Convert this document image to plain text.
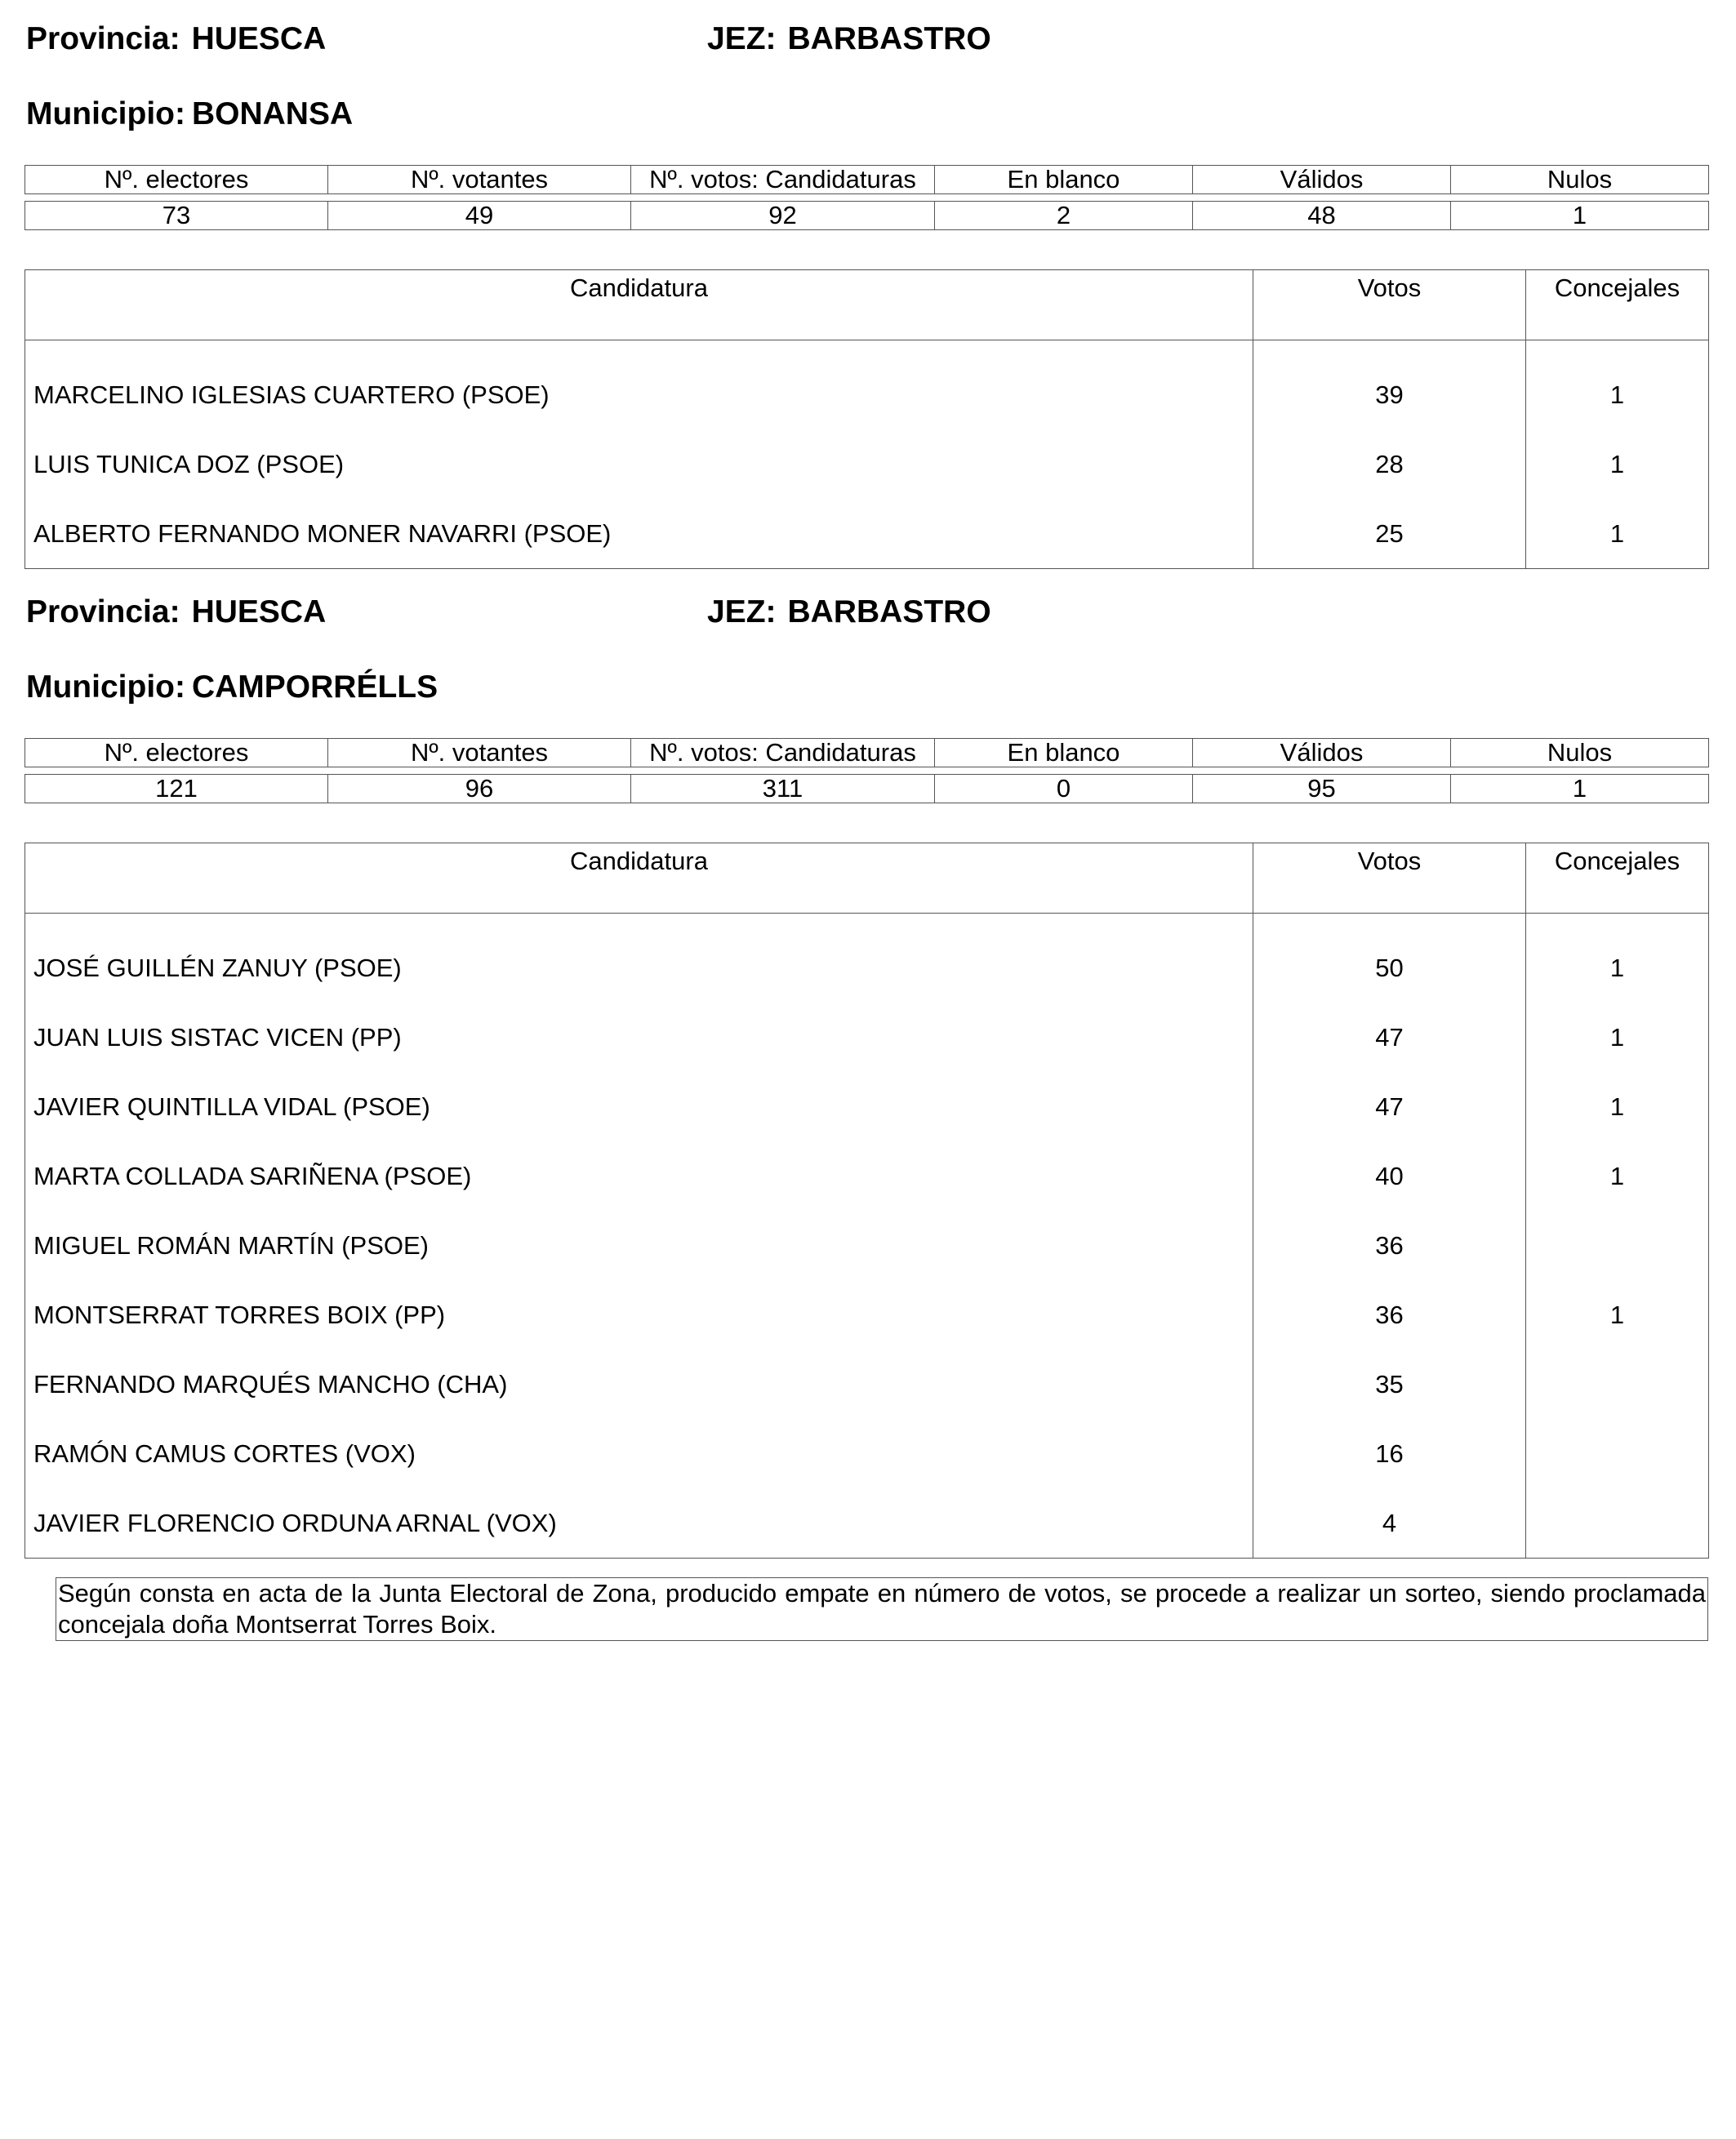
Provincia: HUESCA	JEZ: BARBASTRO
Municipio: BONANSA
Nº. electores	Nº. votantes	Nº. votos: Candidaturas	En blanco	Válidos	Nulos

73	49	92	2	48	1
Candidatura	Votos	Concejales
MARCELINO IGLESIAS CUARTERO (PSOE)	39	1
LUIS TUNICA DOZ (PSOE)	28	1
ALBERTO FERNANDO MONER NAVARRI (PSOE)	25	1
Provincia: HUESCA	JEZ: BARBASTRO
Municipio: CAMPORRÉLLS
Nº. electores	Nº. votantes	Nº. votos: Candidaturas	En blanco	Válidos	Nulos

121	96	311	0	95	1
Candidatura	Votos	Concejales
JOSÉ GUILLÉN ZANUY (PSOE)	50	1
JUAN LUIS SISTAC VICEN (PP)	47	1
JAVIER QUINTILLA VIDAL (PSOE)	47	1
MARTA COLLADA SARIÑENA (PSOE)	40	1
MIGUEL ROMÁN MARTÍN (PSOE)	36	
MONTSERRAT TORRES BOIX (PP)	36	1
FERNANDO MARQUÉS MANCHO (CHA)	35	
RAMÓN CAMUS CORTES (VOX)	16	
JAVIER FLORENCIO ORDUNA ARNAL (VOX)	4	
Según consta en acta de la Junta Electoral de Zona, producido empate en número de votos, se procede a realizar un sorteo, siendo proclamada concejala doña Montserrat Torres Boix.
